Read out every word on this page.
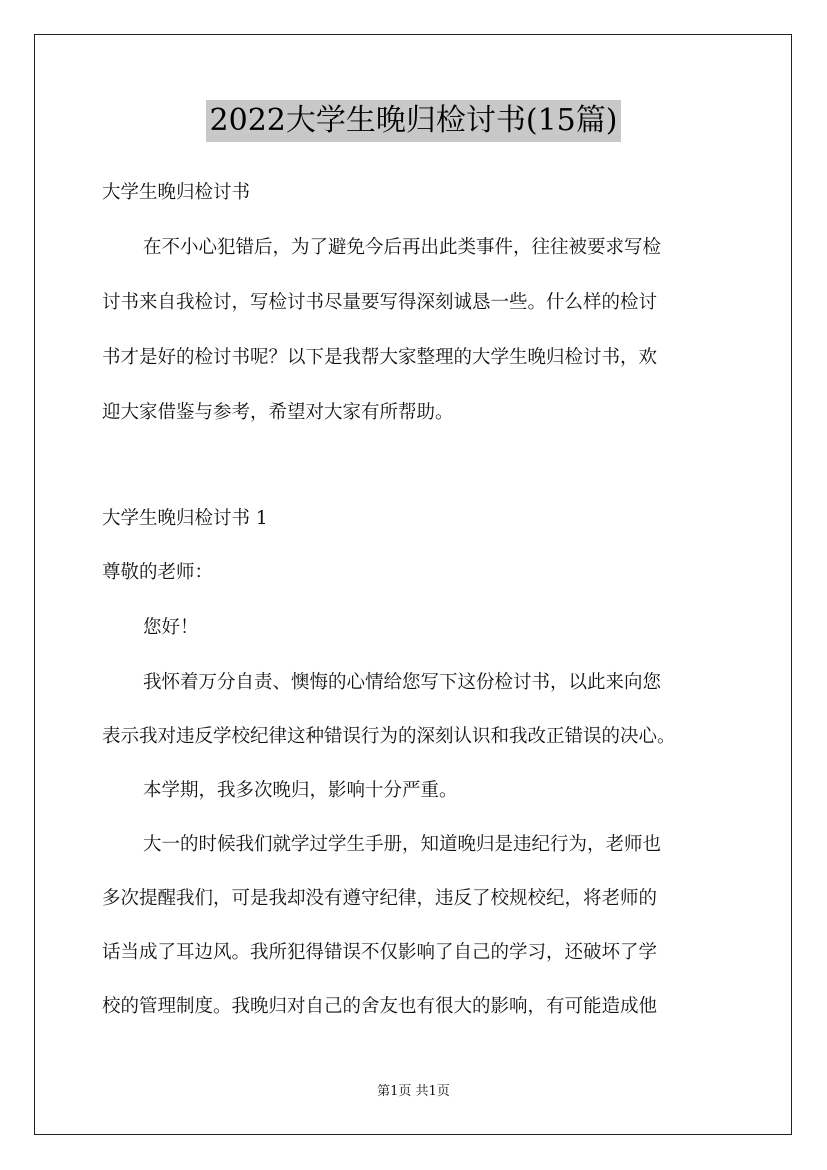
2022大学生晚归检讨书(15篇)
大学生晚归检讨书
在不小心犯错后，为了避免今后再出此类事件，往往被要求写检
讨书来自我检讨，写检讨书尽量要写得深刻诚恳一些。什么样的检讨
书才是好的检讨书呢？以下是我帮大家整理的大学生晚归检讨书，欢
迎大家借鉴与参考，希望对大家有所帮助。
大学生晚归检讨书 1
尊敬的老师：
您好！
我怀着万分自责、懊悔的心情给您写下这份检讨书，以此来向您
表示我对违反学校纪律这种错误行为的深刻认识和我改正错误的决心。
本学期，我多次晚归，影响十分严重。
大一的时候我们就学过学生手册，知道晚归是违纪行为，老师也
多次提醒我们，可是我却没有遵守纪律，违反了校规校纪，将老师的
话当成了耳边风。我所犯得错误不仅影响了自己的学习，还破坏了学
校的管理制度。我晚归对自己的舍友也有很大的影响，有可能造成他
第1页 共1页
